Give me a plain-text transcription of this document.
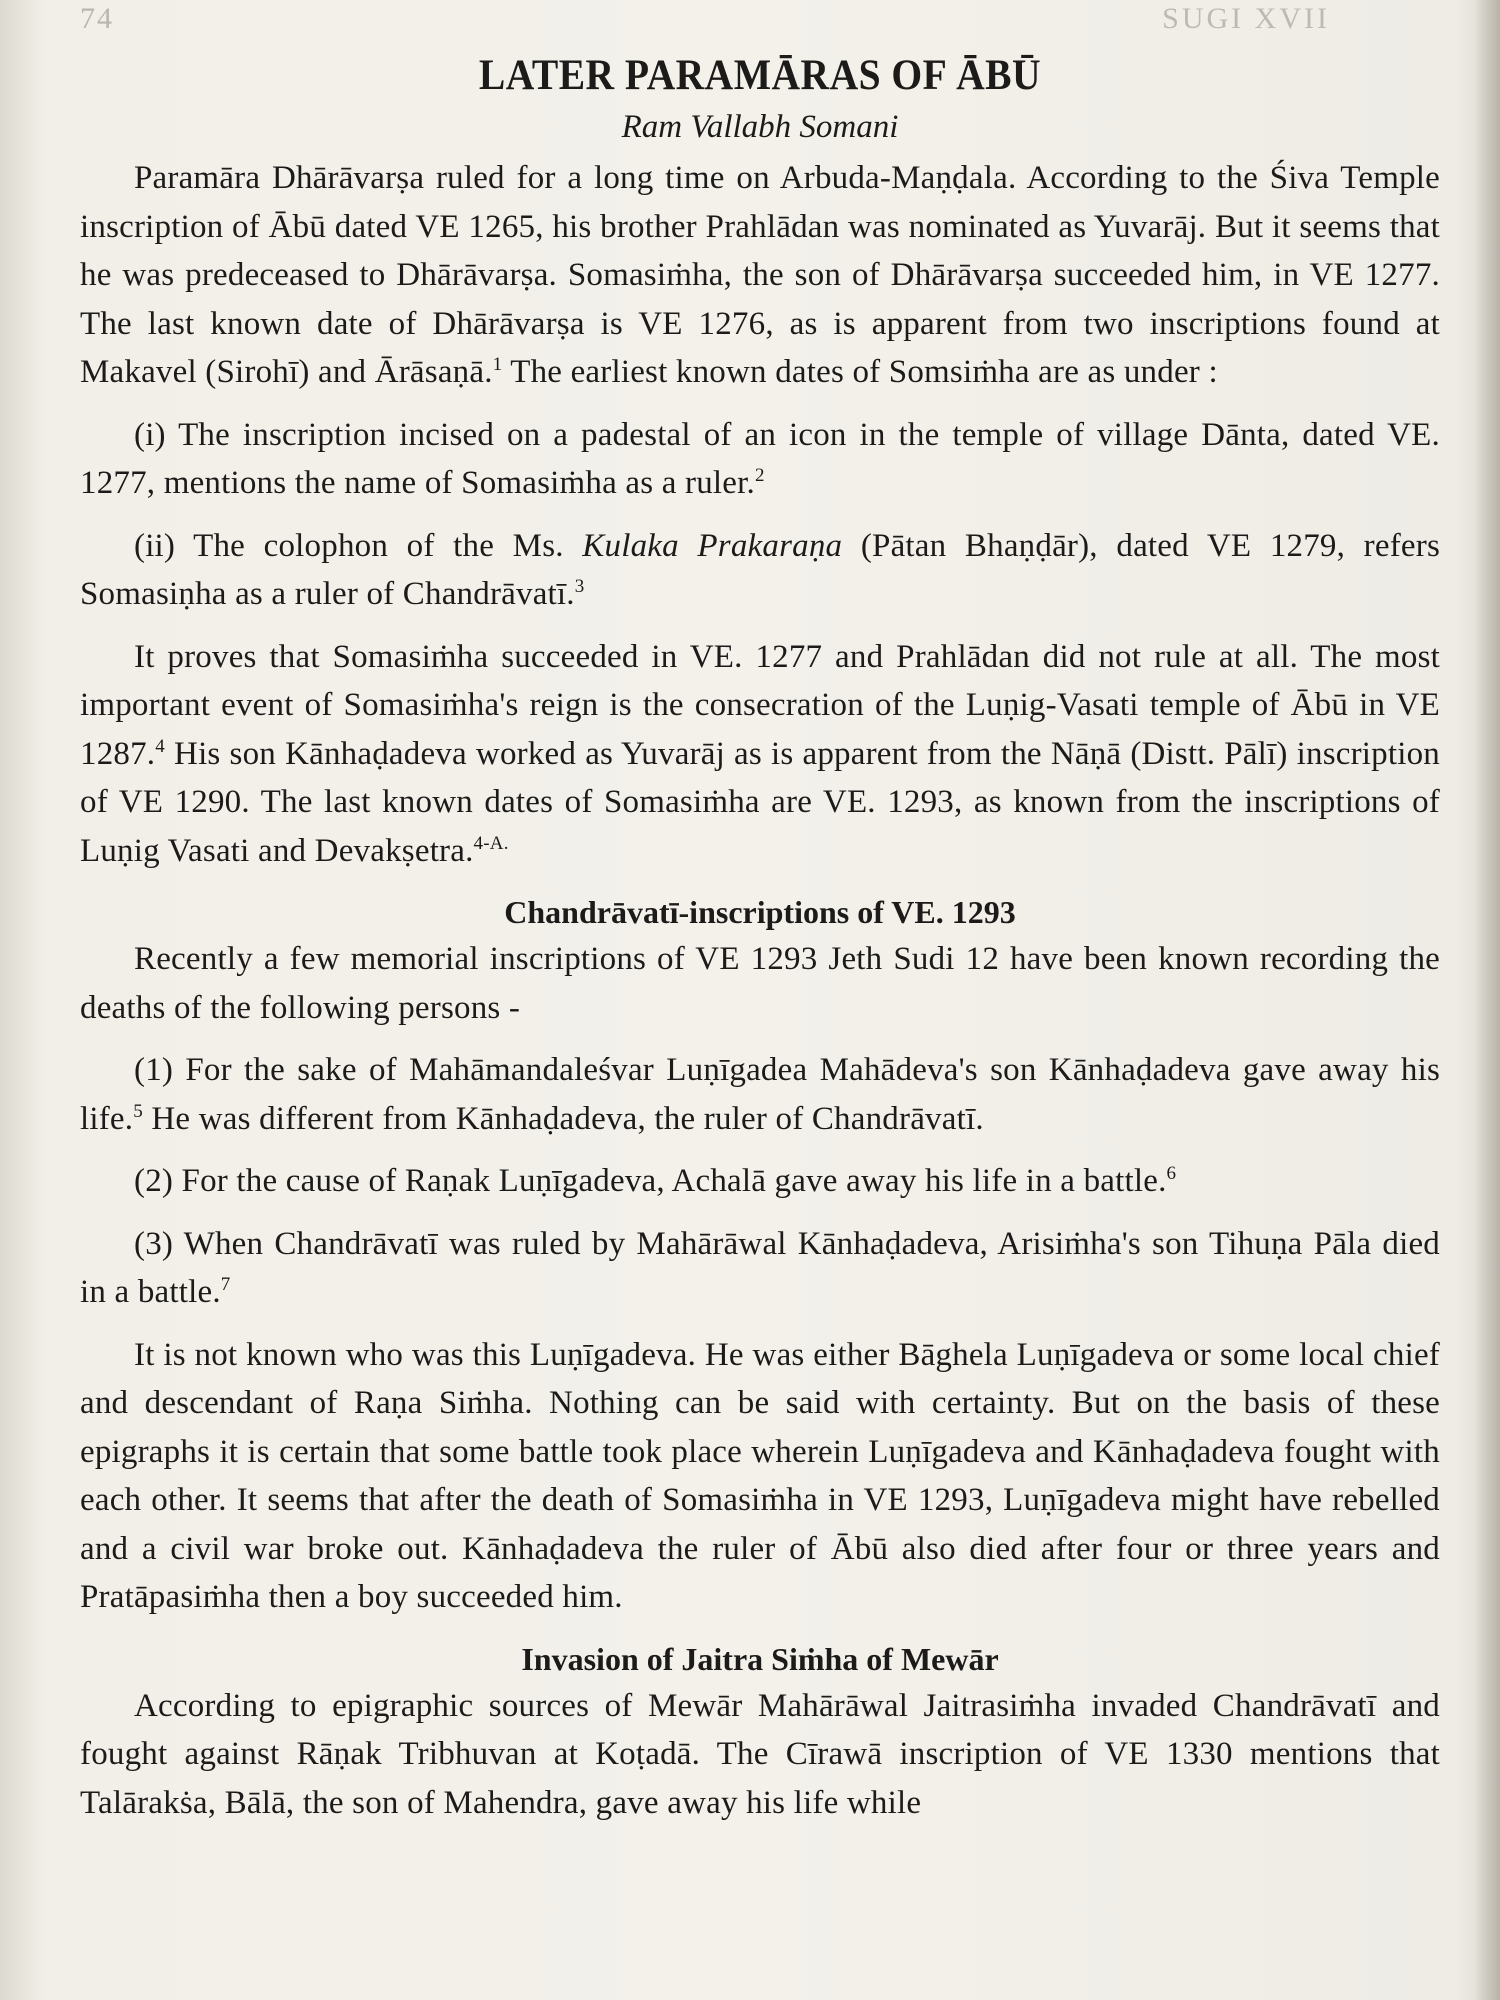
74	SUGI XVII
LATER PARAMĀRAS OF ĀBŪ
Ram Vallabh Somani

Paramāra Dhārāvarṣa ruled for a long time on Arbuda-Maṇḍala. According to the Śiva Temple inscription of Ābū dated VE 1265, his brother Prahlādan was nominated as Yuvarāj. But it seems that he was predeceased to Dhārāvarṣa. Somasiṁha, the son of Dhārāvarṣa succeeded him, in VE 1277. The last known date of Dhārāvarṣa is VE 1276, as is apparent from two inscriptions found at Makavel (Sirohī) and Ārāsaṇā.$^1$ The earliest known dates of Somsiṁha are as under :

(i) The inscription incised on a padestal of an icon in the temple of village Dānta, dated VE. 1277, mentions the name of Somasiṁha as a ruler.$^2$

(ii) The colophon of the Ms. Kulaka Prakaraṇa (Pātan Bhaṇḍār), dated VE 1279, refers Somasiṇha as a ruler of Chandrāvatī.$^3$

It proves that Somasiṁha succeeded in VE. 1277 and Prahlādan did not rule at all. The most important event of Somasiṁha's reign is the consecration of the Luṇig-Vasati temple of Ābū in VE 1287.$^4$ His son Kānhaḍadeva worked as Yuvarāj as is apparent from the Nāṇā (Distt. Pālī) inscription of VE 1290. The last known dates of Somasiṁha are VE. 1293, as known from the inscriptions of Luṇig Vasati and Devakṣetra.$^{4-A.}$

Chandrāvatī-inscriptions of VE. 1293

Recently a few memorial inscriptions of VE 1293 Jeth Sudi 12 have been known recording the deaths of the following persons -

(1) For the sake of Mahāmandaleśvar Luṇīgadea Mahādeva's son Kānhaḍadeva gave away his life.$^5$ He was different from Kānhaḍadeva, the ruler of Chandrāvatī.

(2) For the cause of Raṇak Luṇīgadeva, Achalā gave away his life in a battle.$^6$

(3) When Chandrāvatī was ruled by Mahārāwal Kānhaḍadeva, Arisiṁha's son Tihuṇa Pāla died in a battle.$^7$

It is not known who was this Luṇīgadeva. He was either Bāghela Luṇīgadeva or some local chief and descendant of Raṇa Siṁha. Nothing can be said with certainty. But on the basis of these epigraphs it is certain that some battle took place wherein Luṇīgadeva and Kānhaḍadeva fought with each other. It seems that after the death of Somasiṁha in VE 1293, Luṇīgadeva might have rebelled and a civil war broke out. Kānhaḍadeva the ruler of Ābū also died after four or three years and Pratāpasiṁha then a boy succeeded him.

Invasion of Jaitra Siṁha of Mewār

According to epigraphic sources of Mewār Mahārāwal Jaitrasiṁha invaded Chandrāvatī and fought against Rāṇak Tribhuvan at Koṭadā. The Cīrawā inscription of VE 1330 mentions that Talārakṡa, Bālā, the son of Mahendra, gave away his life while
